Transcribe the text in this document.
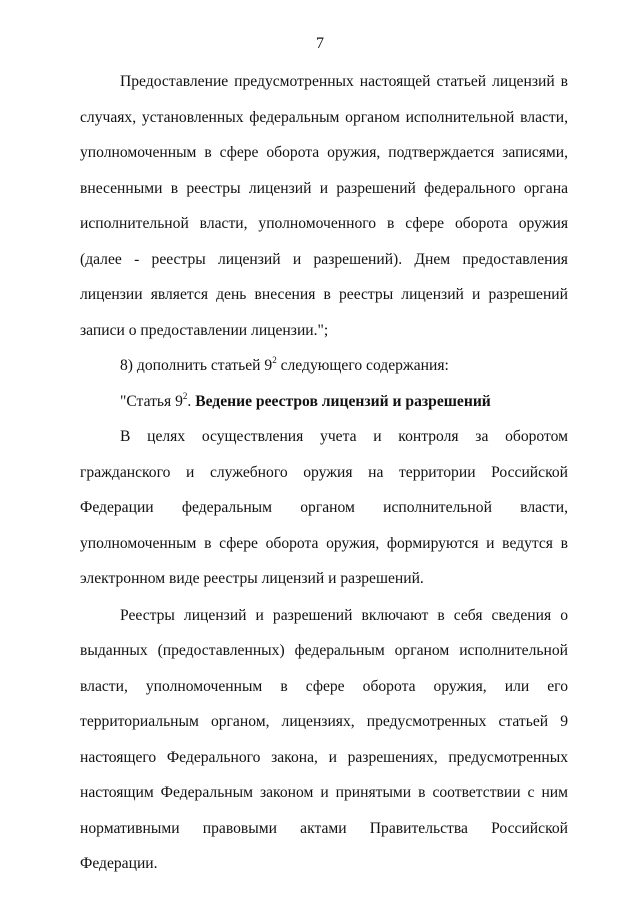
7

Предоставление предусмотренных настоящей статьей лицензий в случаях, установленных федеральным органом исполнительной власти, уполномоченным в сфере оборота оружия, подтверждается записями, внесенными в реестры лицензий и разрешений федерального органа исполнительной власти, уполномоченного в сфере оборота оружия (далее - реестры лицензий и разрешений). Днем предоставления лицензии является день внесения в реестры лицензий и разрешений записи о предоставлении лицензии.";

8) дополнить статьей $9^2$ следующего содержания:

"Статья $9^2$. Ведение реестров лицензий и разрешений

В целях осуществления учета и контроля за оборотом гражданского и служебного оружия на территории Российской Федерации федеральным органом исполнительной власти, уполномоченным в сфере оборота оружия, формируются и ведутся в электронном виде реестры лицензий и разрешений.

Реестры лицензий и разрешений включают в себя сведения о выданных (предоставленных) федеральным органом исполнительной власти, уполномоченным в сфере оборота оружия, или его территориальным органом, лицензиях, предусмотренных статьей 9 настоящего Федерального закона, и разрешениях, предусмотренных настоящим Федеральным законом и принятыми в соответствии с ним нормативными правовыми актами Правительства Российской Федерации.
